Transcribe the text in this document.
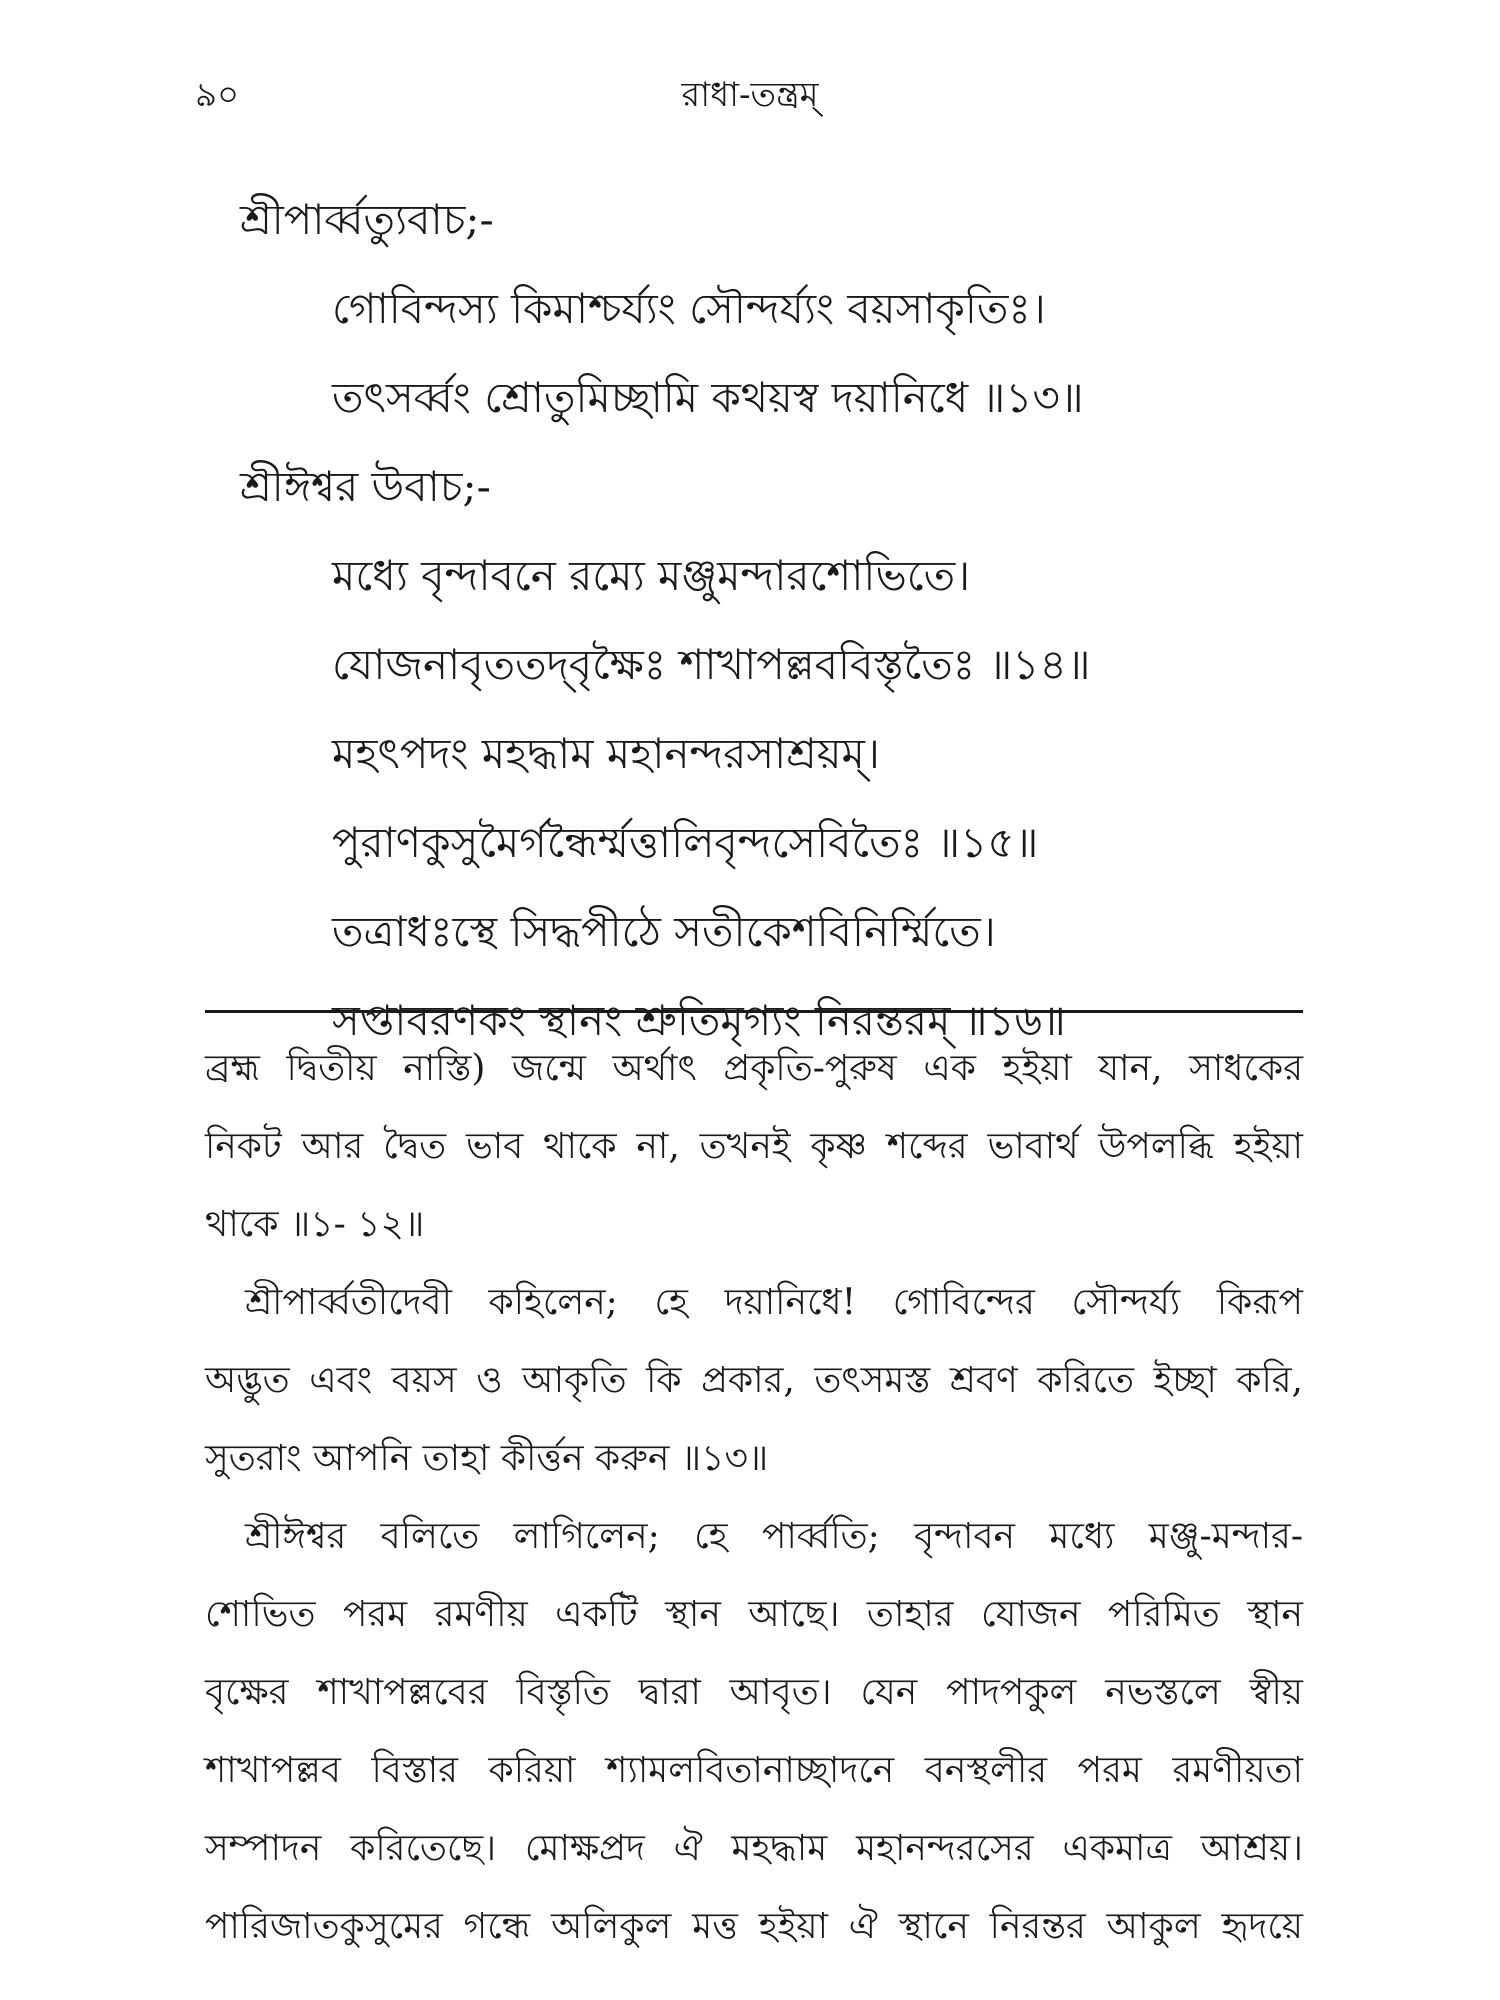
৯০	রাধা-তন্ত্রম্
শ্রীপার্ব্বত্যুবাচ;-
গোবিন্দস্য কিমাশ্চর্য্যং সৌন্দর্য্যং বয়সাকৃতিঃ।
তৎসর্ব্বং শ্রোতুমিচ্ছামি কথয়স্ব দয়ানিধে ॥১৩॥
শ্রীঈশ্বর উবাচ;-
মধ্যে বৃন্দাবনে রম্যে মঞ্জুমন্দারশোভিতে।
যোজনাবৃততদ্‌বৃক্ষৈঃ শাখাপল্লববিস্তৃতৈঃ ॥১৪॥
মহৎপদং মহদ্ধাম মহানন্দরসাশ্রয়ম্।
পুরাণকুসুমৈর্গন্ধৈর্ম্মত্তালিবৃন্দসেবিতৈঃ ॥১৫॥
তত্রাধঃস্থে সিদ্ধপীঠে সতীকেশবিনির্ম্মিতে।
সপ্তাবরণকং স্থানং শ্রুতিমৃগ্যং নিরন্তরম্ ॥১৬॥
ব্রহ্ম দ্বিতীয় নাস্তি) জন্মে অর্থাৎ প্রকৃতি-পুরুষ এক হইয়া যান, সাধকের
নিকট আর দ্বৈত ভাব থাকে না, তখনই কৃষ্ণ শব্দের ভাবার্থ উপলব্ধি হইয়া
থাকে ॥১- ১২॥
শ্রীপার্ব্বতীদেবী কহিলেন; হে দয়ানিধে! গোবিন্দের সৌন্দর্য্য কিরূপ
অদ্ভুত এবং বয়স ও আকৃতি কি প্রকার, তৎসমস্ত শ্রবণ করিতে ইচ্ছা করি,
সুতরাং আপনি তাহা কীর্ত্তন করুন ॥১৩॥
শ্রীঈশ্বর বলিতে লাগিলেন; হে পার্ব্বতি; বৃন্দাবন মধ্যে মঞ্জু-মন্দার-
শোভিত পরম রমণীয় একটি স্থান আছে। তাহার যোজন পরিমিত স্থান
বৃক্ষের শাখাপল্লবের বিস্তৃতি দ্বারা আবৃত। যেন পাদপকুল নভস্তলে স্বীয়
শাখাপল্লব বিস্তার করিয়া শ্যামলবিতানাচ্ছাদনে বনস্থলীর পরম রমণীয়তা
সম্পাদন করিতেছে। মোক্ষপ্রদ ঐ মহদ্ধাম মহানন্দরসের একমাত্র আশ্রয়।
পারিজাতকুসুমের গন্ধে অলিকুল মত্ত হইয়া ঐ স্থানে নিরন্তর আকুল হৃদয়ে
